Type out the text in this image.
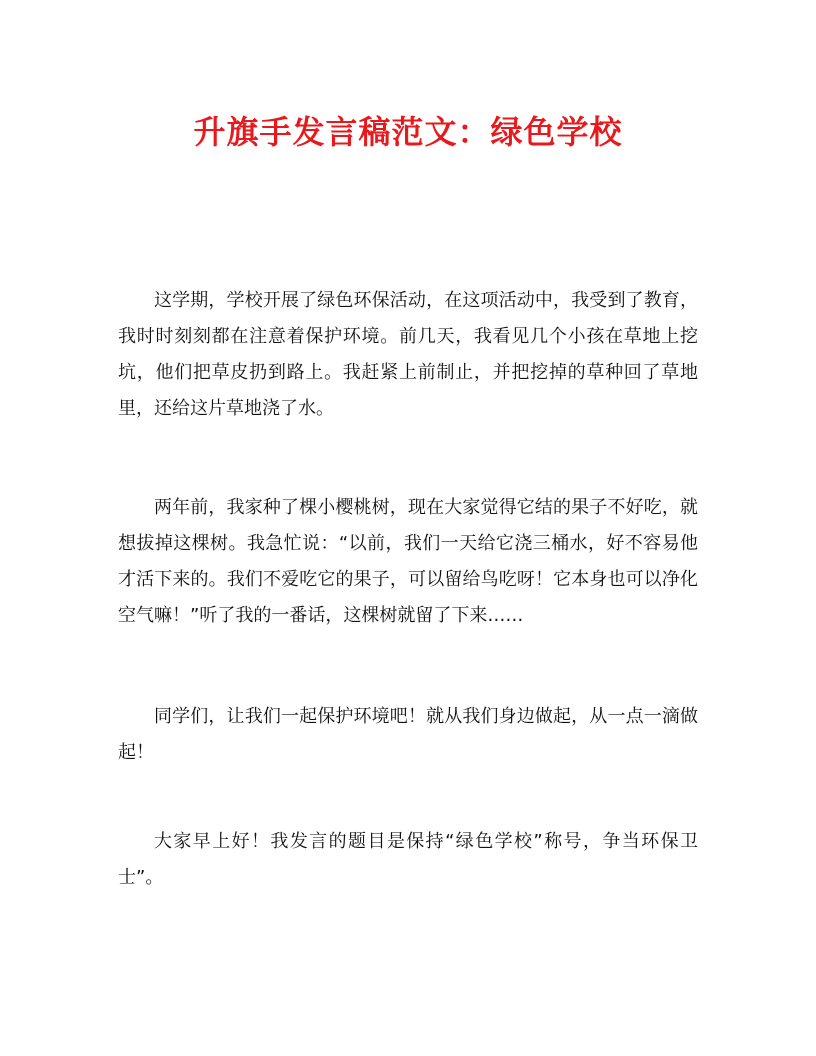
升旗手发言稿范文：绿色学校

这学期，学校开展了绿色环保活动，在这项活动中，我受到了教育，我时时刻刻都在注意着保护环境。前几天，我看见几个小孩在草地上挖坑，他们把草皮扔到路上。我赶紧上前制止，并把挖掉的草种回了草地里，还给这片草地浇了水。

两年前，我家种了棵小樱桃树，现在大家觉得它结的果子不好吃，就想拔掉这棵树。我急忙说：“以前，我们一天给它浇三桶水，好不容易他才活下来的。我们不爱吃它的果子，可以留给鸟吃呀！它本身也可以净化空气嘛！”听了我的一番话，这棵树就留了下来……

同学们，让我们一起保护环境吧！就从我们身边做起，从一点一滴做起！

大家早上好！我发言的题目是保持“绿色学校”称号，争当环保卫士”。
